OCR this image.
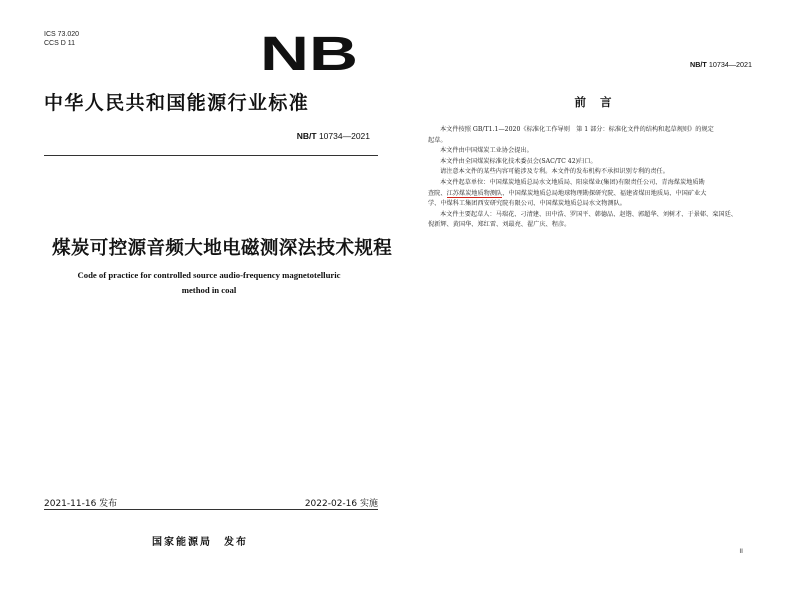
ICS 73.020
CCS D 11	NB
中华人民共和国能源行业标准
NB/T 10734—2021
煤炭可控源音频大地电磁测深法技术规程
Code of practice for controlled source audio-frequency magnetotelluric
method in coal
2021-11-16 发布	2022-02-16 实施
国家能源局 发布
NB/T 10734—2021
前言

本文件按照 GB/T1.1—2020《标准化工作导则　第 1 部分：标准化文件的结构和起草规则》的规定

起草。

本文件由中国煤炭工业协会提出。

本文件由全国煤炭标准化技术委员会(SAC/TC 42)归口。

请注意本文件的某些内容可能涉及专利。本文件的发布机构不承担识别专利的责任。

本文件起草单位：中国煤炭地质总局水文地质局、阳泉煤业(集团)有限责任公司、青海煤炭地质勘

查院、江苏煤炭地质物测队、中国煤炭地质总局地球物理勘探研究院、福建省煤田地质局、中国矿业大

学、中煤科工集团西安研究院有限公司、中国煤炭地质总局水文物测队。

本文件主要起草人：马瑞花、刁清建、田中浩、罗国平、韩德品、赵锴、郭超华、刘树才、于景邨、栾国廷、

倪新辉、黄国华、郑红雷、刘最亮、翟广庆、程彦。

II
